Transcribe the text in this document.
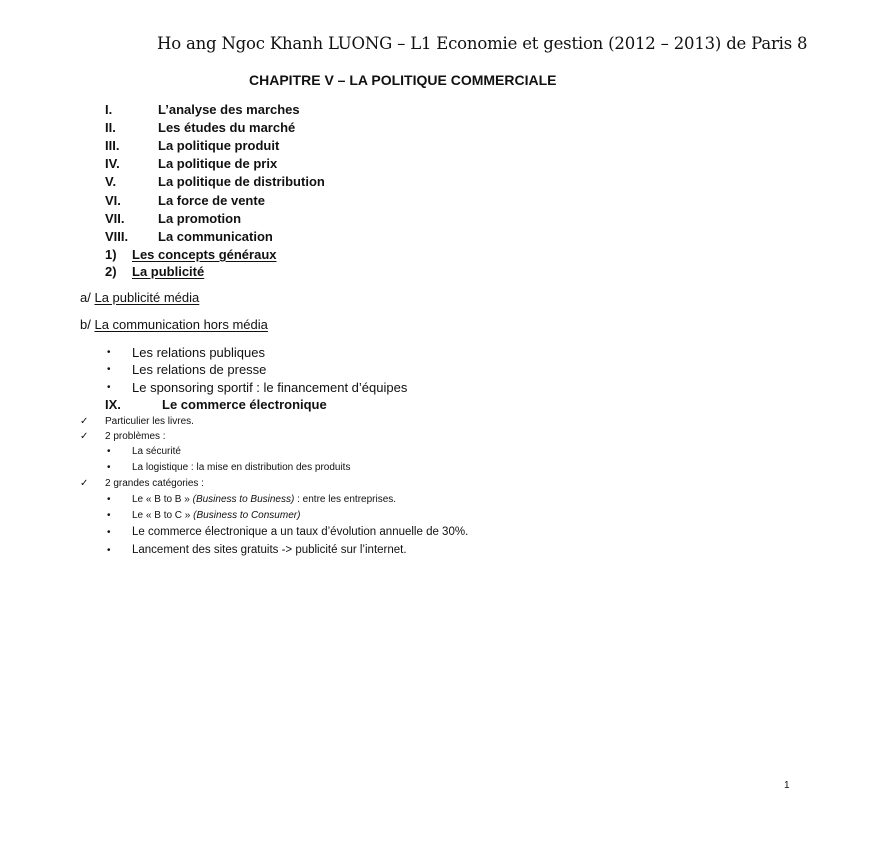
Ho ang Ngoc Khanh LUONG – L1 Economie et gestion (2012 – 2013) de Paris 8
CHAPITRE V – LA POLITIQUE COMMERCIALE
I.	L’analyse des marches
II.	Les études du marché
III.	La politique produit
IV.	La politique de prix
V.	La politique de distribution
VI.	La force de vente
VII.	La promotion
VIII. La communication
1) Les concepts généraux
2) La publicité
a/ La publicité média
b/ La communication hors média
• Les relations publiques
• Les relations de presse
• Le sponsoring sportif : le financement d’équipes
IX.	Le commerce électronique
✓ Particulier les livres.
✓ 2 problèmes :
• La sécurité
• La logistique : la mise en distribution des produits
✓ 2 grandes catégories :
• Le « B to B » (Business to Business) : entre les entreprises.
• Le « B to C » (Business to Consumer)
• Le commerce électronique a un taux d’évolution annuelle de 30%.
• Lancement des sites gratuits -> publicité sur l’internet.
1
